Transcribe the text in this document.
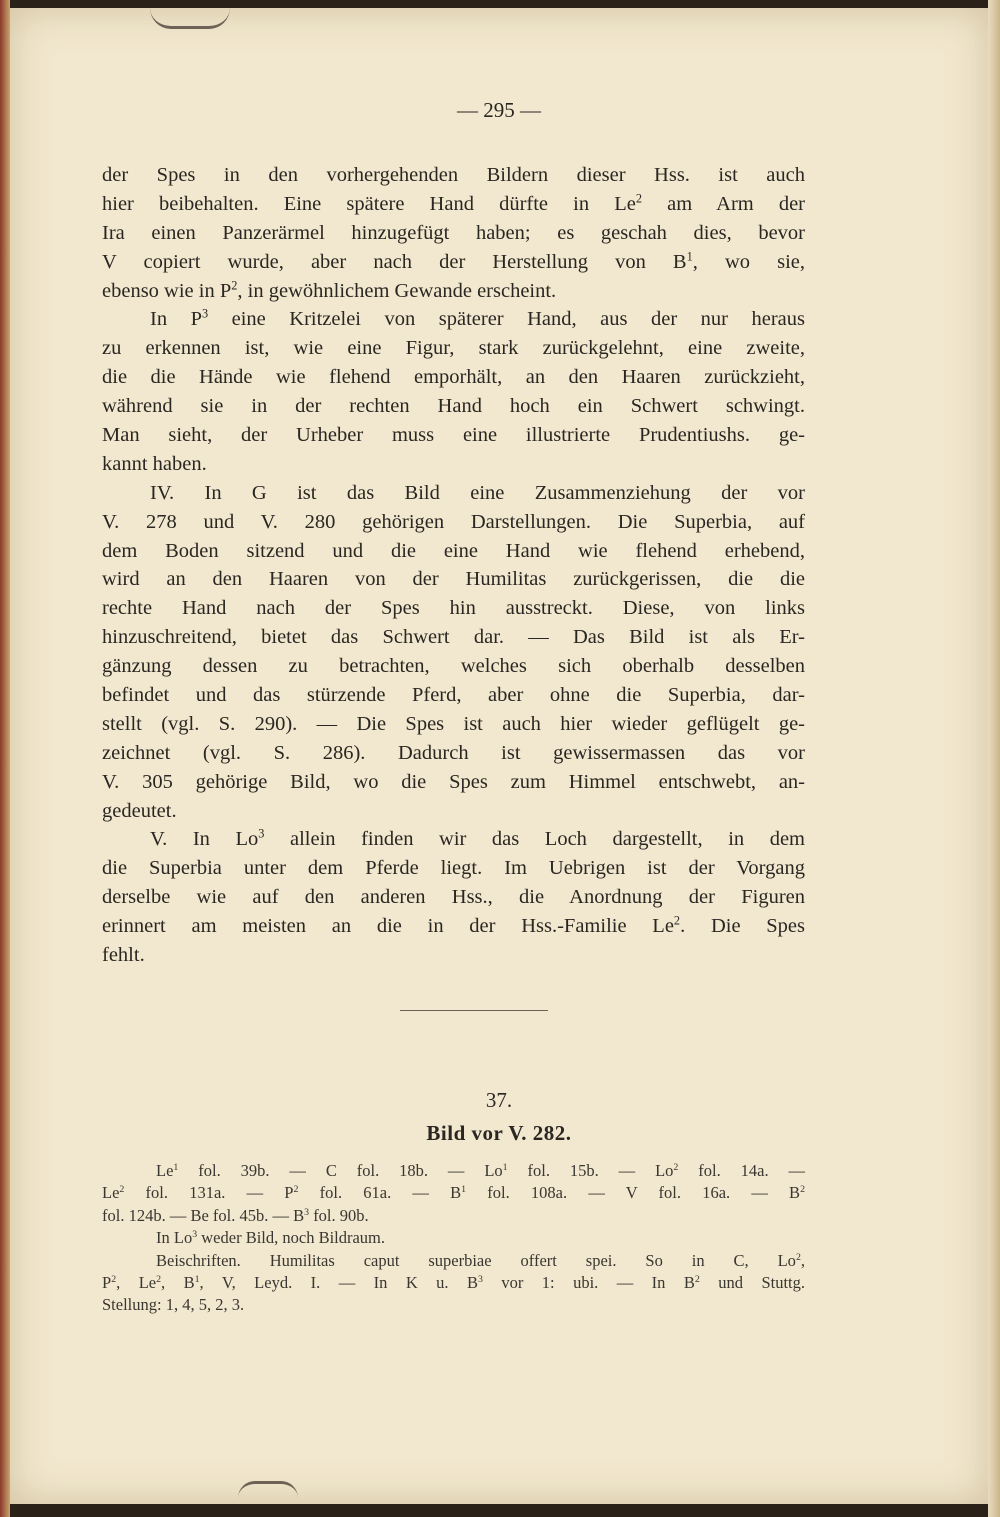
— 295 —
der Spes in den vorhergehenden Bildern dieser Hss. ist auch
hier beibehalten. Eine spätere Hand dürfte in Le$^2$ am Arm der
Ira einen Panzerärmel hinzugefügt haben; es geschah dies, bevor
V copiert wurde, aber nach der Herstellung von $B^1$, wo sie,
ebenso wie in $P^2$, in gewöhnlichem Gewande erscheint.
In $P^3$ eine Kritzelei von späterer Hand, aus der nur heraus
zu erkennen ist, wie eine Figur, stark zurückgelehnt, eine zweite,
die die Hände wie flehend emporhält, an den Haaren zurückzieht,
während sie in der rechten Hand hoch ein Schwert schwingt.
Man sieht, der Urheber muss eine illustrierte Prudentiushs. ge-
kannt haben.
IV. In G ist das Bild eine Zusammenziehung der vor
V. 278 und V. 280 gehörigen Darstellungen. Die Superbia, auf
dem Boden sitzend und die eine Hand wie flehend erhebend,
wird an den Haaren von der Humilitas zurückgerissen, die die
rechte Hand nach der Spes hin ausstreckt. Diese, von links
hinzuschreitend, bietet das Schwert dar. — Das Bild ist als Er-
gänzung dessen zu betrachten, welches sich oberhalb desselben
befindet und das stürzende Pferd, aber ohne die Superbia, dar-
stellt (vgl. S. 290). — Die Spes ist auch hier wieder geflügelt ge-
zeichnet (vgl. S. 286). Dadurch ist gewissermassen das vor
V. 305 gehörige Bild, wo die Spes zum Himmel entschwebt, an-
gedeutet.
V. In Lo$^3$ allein finden wir das Loch dargestellt, in dem
die Superbia unter dem Pferde liegt. Im Uebrigen ist der Vorgang
derselbe wie auf den anderen Hss., die Anordnung der Figuren
erinnert am meisten an die in der Hss.-Familie Le$^2$. Die Spes
fehlt.
37.
Bild vor V. 282.
Le$^1$ fol. 39b. — C fol. 18b. — Lo$^1$ fol. 15b. — Lo$^2$ fol. 14a. —
Le$^2$ fol. 131a. — $P^2$ fol. 61a. — $B^1$ fol. 108a. — V fol. 16a. — $B^2$
fol. 124b. — Be fol. 45b. — $B^3$ fol. 90b.
In Lo$^3$ weder Bild, noch Bildraum.
Beischriften. Humilitas caput superbiae offert spei. So in C, Lo$^2$,
$P^2$, Le$^2$, $B^1$, V, Leyd. I. — In K u. $B^3$ vor 1: ubi. — In $B^2$ und Stuttg.
Stellung: 1, 4, 5, 2, 3.
